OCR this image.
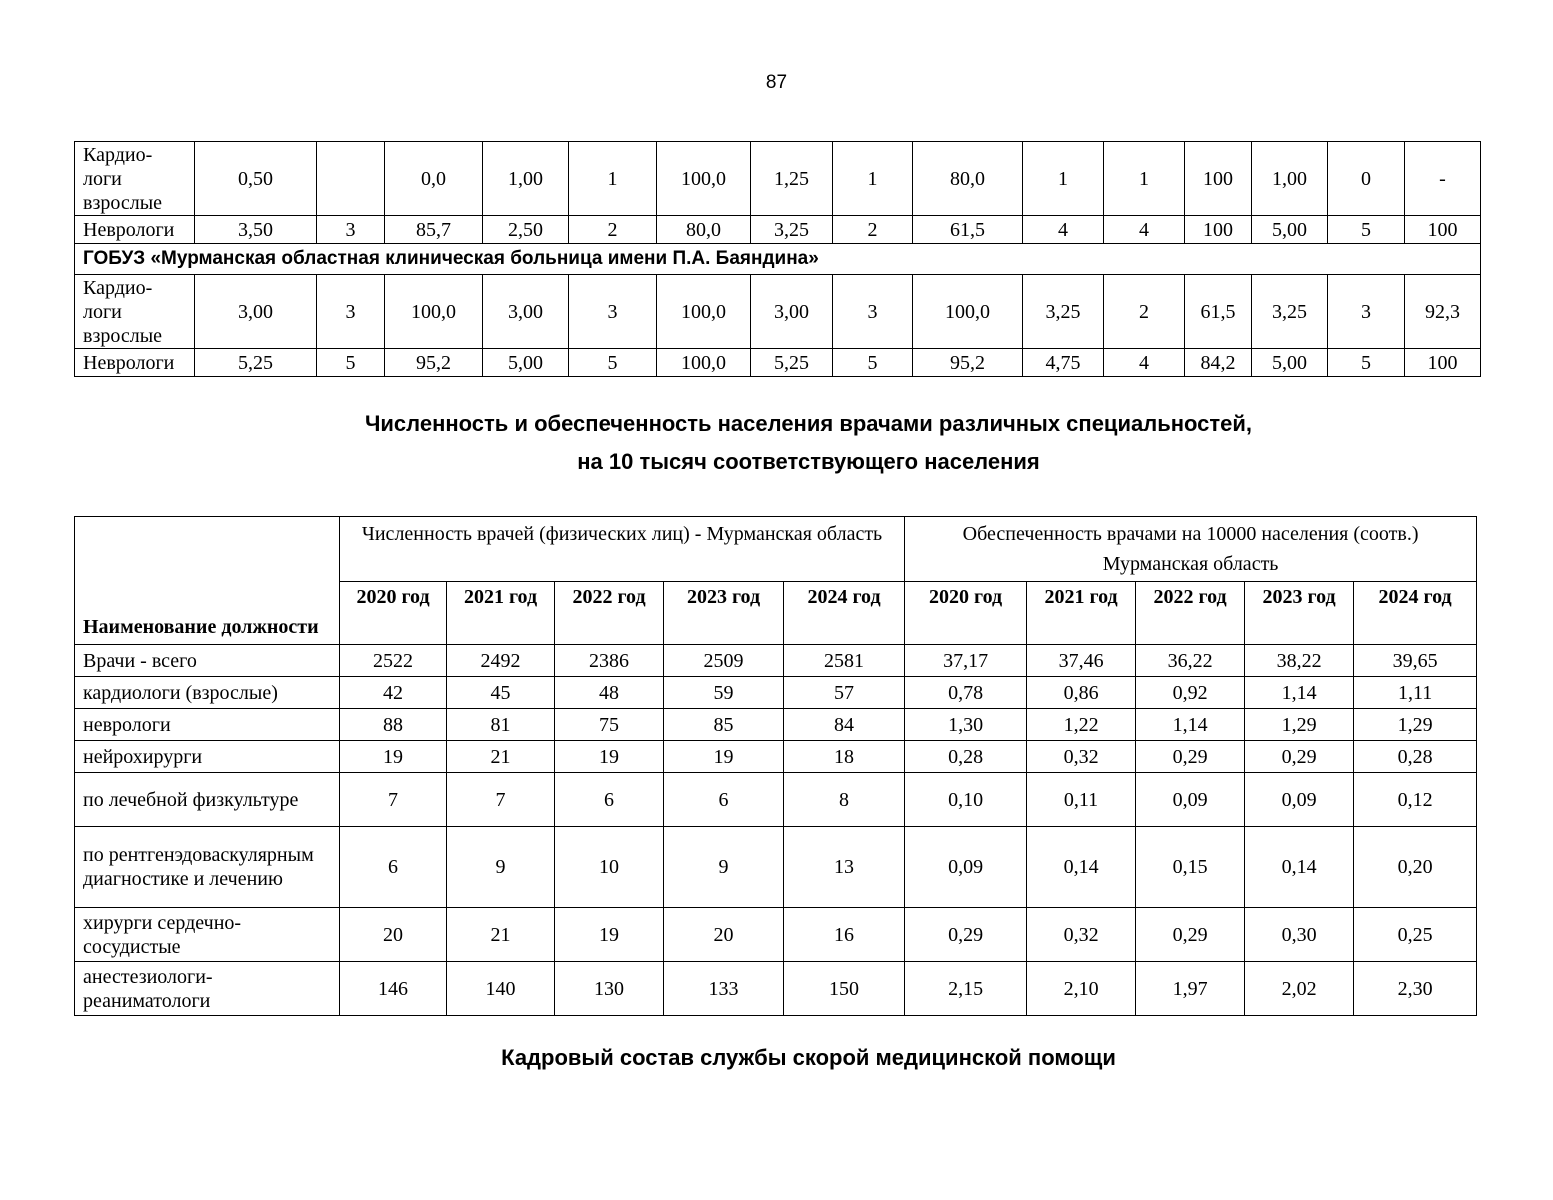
87
Кардио-
логи
взрослые	0,50		0,0	1,00	1	100,0	1,25	1	80,0	1	1	100	1,00	0	-
Неврологи	3,50	3	85,7	2,50	2	80,0	3,25	2	61,5	4	4	100	5,00	5	100
ГОБУЗ «Мурманская областная клиническая больница имени П.А. Баяндина»															
Кардио-
логи
взрослые	3,00	3	100,0	3,00	3	100,0	3,00	3	100,0	3,25	2	61,5	3,25	3	92,3
Неврологи	5,25	5	95,2	5,00	5	100,0	5,25	5	95,2	4,75	4	84,2	5,00	5	100
Численность и обеспеченность населения врачами различных специальностей,
на 10 тысяч соответствующего населения
Наименование должности	Численность врачей (физических лиц) - Мурманская область					Обеспеченность врачами на 10000 населения (соотв.) Мурманская область				
	2020 год	2021 год	2022 год	2023 год	2024 год	2020 год	2021 год	2022 год	2023 год	2024 год
Врачи - всего	2522	2492	2386	2509	2581	37,17	37,46	36,22	38,22	39,65
кардиологи (взрослые)	42	45	48	59	57	0,78	0,86	0,92	1,14	1,11
неврологи	88	81	75	85	84	1,30	1,22	1,14	1,29	1,29
нейрохирурги	19	21	19	19	18	0,28	0,32	0,29	0,29	0,28
по лечебной физкультуре	7	7	6	6	8	0,10	0,11	0,09	0,09	0,12
по рентгенэдоваскулярным диагностике и лечению	6	9	10	9	13	0,09	0,14	0,15	0,14	0,20
хирурги сердечно-сосудистые	20	21	19	20	16	0,29	0,32	0,29	0,30	0,25
анестезиологи-реаниматологи	146	140	130	133	150	2,15	2,10	1,97	2,02	2,30
Кадровый состав службы скорой медицинской помощи
